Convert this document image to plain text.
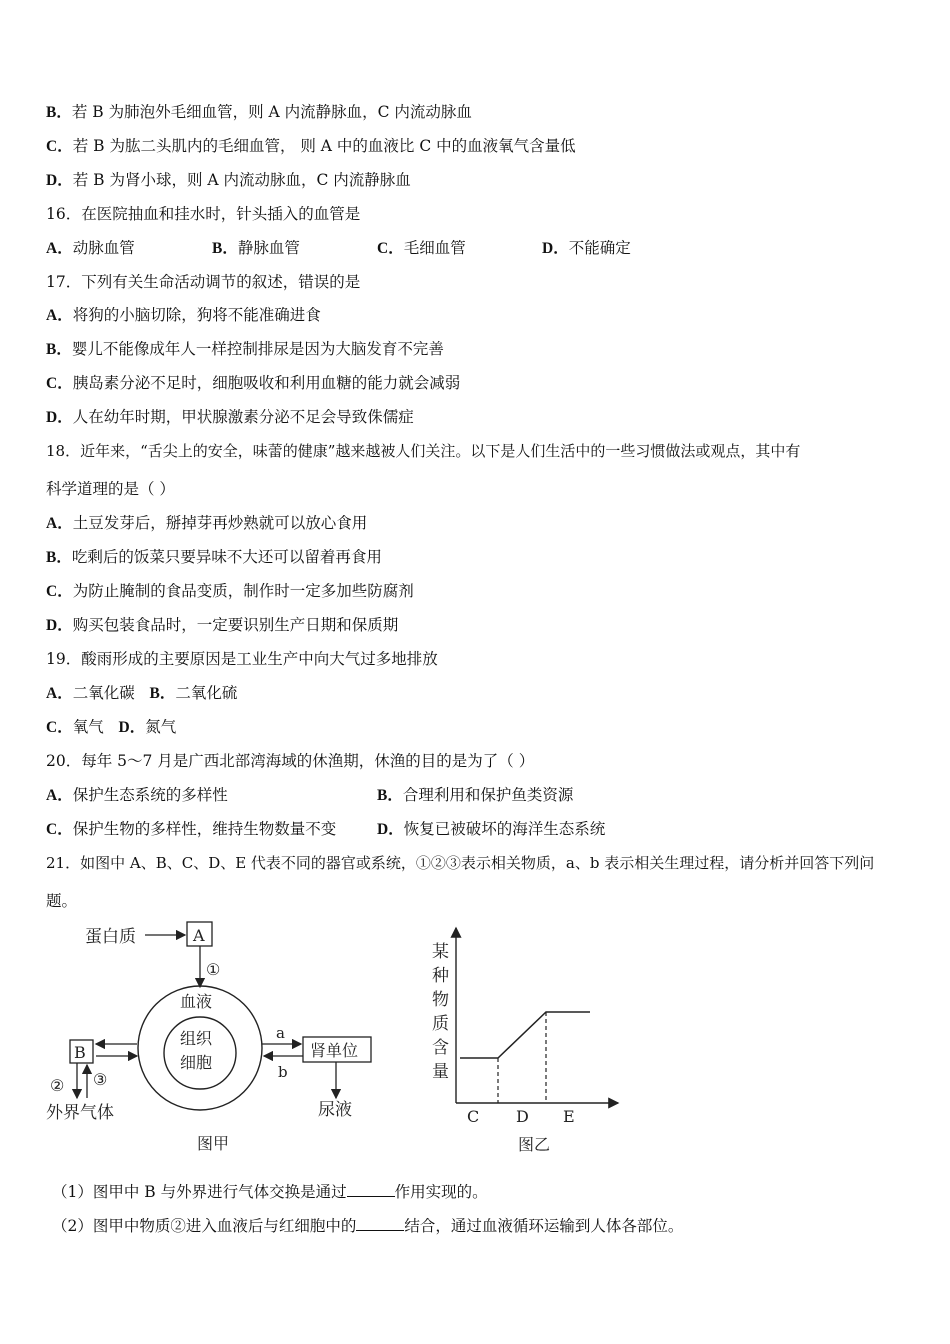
B．若 B 为肺泡外毛细血管，则 A 内流静脉血，C 内流动脉血
C．若 B 为肱二头肌内的毛细血管， 则 A 中的血液比 C 中的血液氧气含量低
D．若 B 为肾小球，则 A 内流动脉血，C 内流静脉血
16．在医院抽血和挂水时，针头插入的血管是
A．动脉血管	B．静脉血管	C．毛细血管	D．不能确定
17．下列有关生命活动调节的叙述，错误的是
A．将狗的小脑切除，狗将不能准确进食
B．婴儿不能像成年人一样控制排尿是因为大脑发育不完善
C．胰岛素分泌不足时，细胞吸收和利用血糖的能力就会减弱
D．人在幼年时期，甲状腺激素分泌不足会导致侏儒症
18．近年来，“舌尖上的安全，味蕾的健康”越来越被人们关注。以下是人们生活中的一些习惯做法或观点，其中有
科学道理的是（ ）
A．土豆发芽后，掰掉芽再炒熟就可以放心食用
B．吃剩后的饭菜只要异味不大还可以留着再食用
C．为防止腌制的食品变质，制作时一定多加些防腐剂
D．购买包装食品时，一定要识别生产日期和保质期
19．酸雨形成的主要原因是工业生产中向大气过多地排放
A．二氧化碳 B．二氧化硫
C．氧气 D．氮气
20．每年 5～7 月是广西北部湾海域的休渔期，休渔的目的是为了（ ）
A．保护生态系统的多样性	B．合理利用和保护鱼类资源
C．保护生物的多样性，维持生物数量不变	D．恢复已被破坏的海洋生态系统
21．如图中 A、B、C、D、E 代表不同的器官或系统，①②③表示相关物质，a、b 表示相关生理过程，请分析并回答下列问
题。
蛋白质	A
①
血液
组织
细胞
B
② ③
外界气体
肾单位
a
b
尿液
图甲
某
种
物
质
含
量
C D E
图乙
（1）图甲中 B 与外界进行气体交换是通过	作用实现的。
（2）图甲中物质②进入血液后与红细胞中的	结合，通过血液循环运输到人体各部位。
